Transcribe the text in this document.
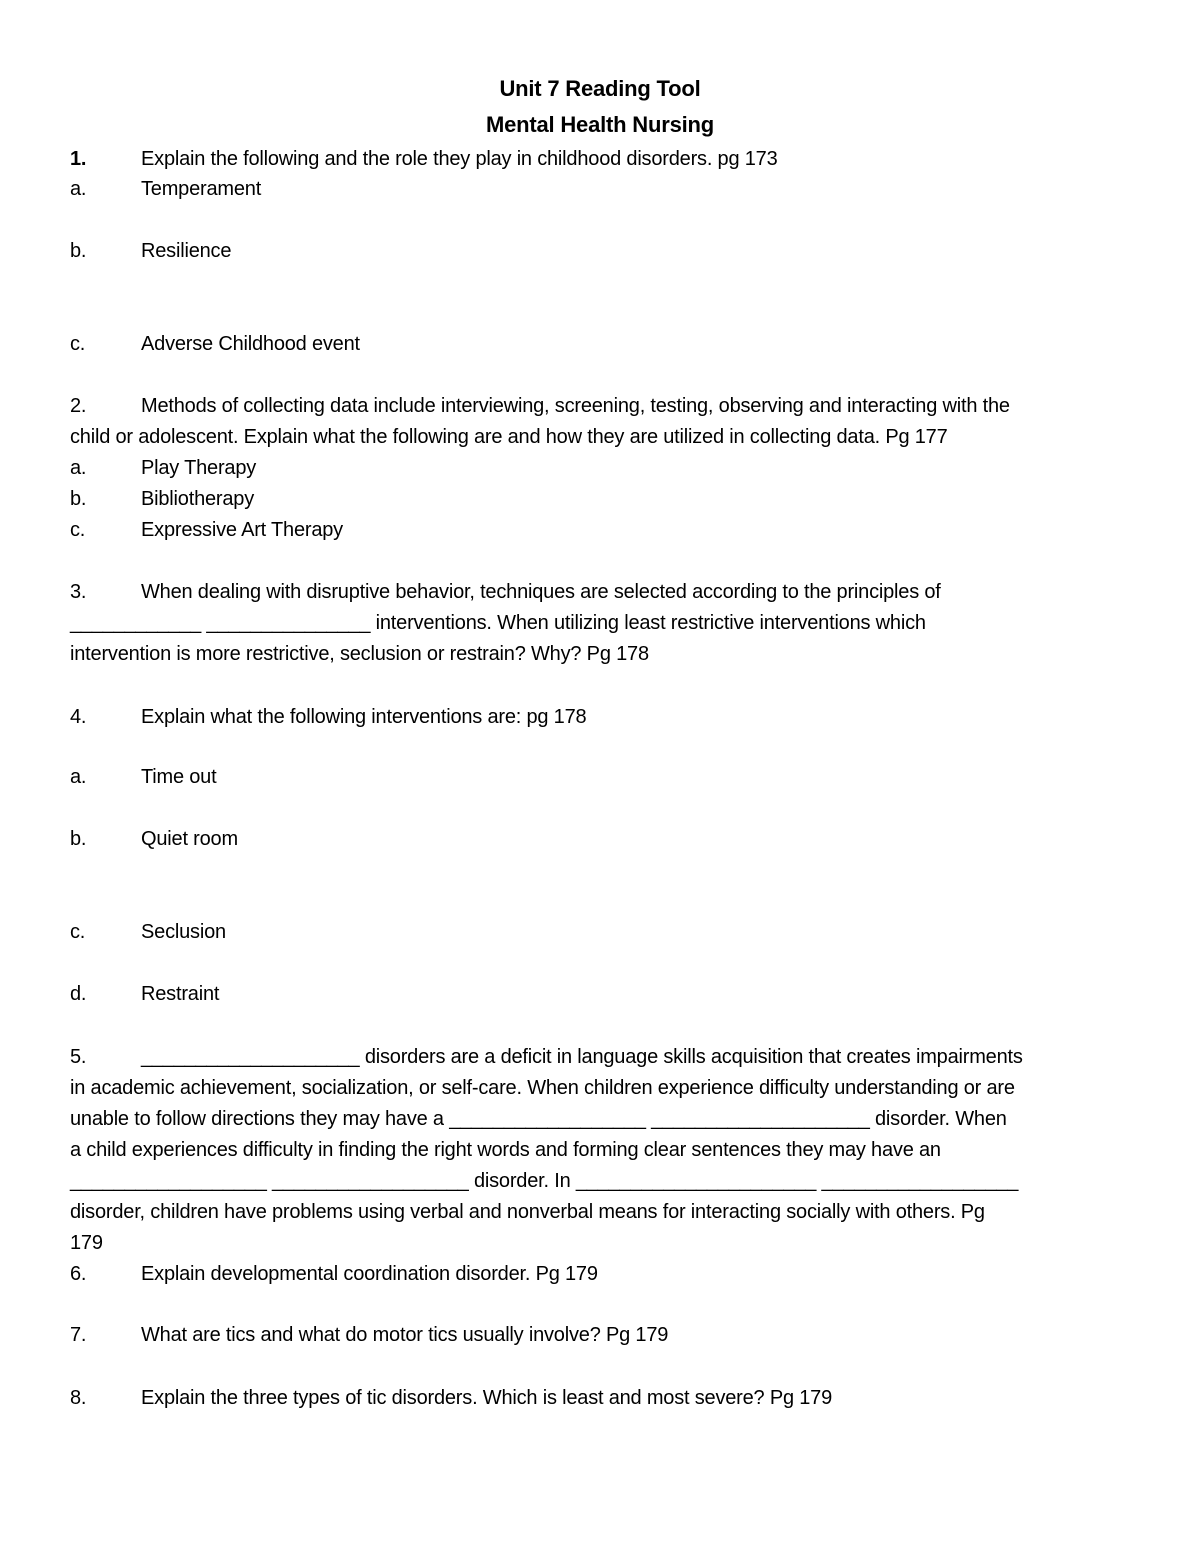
Unit 7 Reading Tool
Mental Health Nursing
1.	Explain the following and the role they play in childhood disorders. pg 173
a.	Temperament
b.	Resilience
c.	Adverse Childhood event
2.	Methods of collecting data include interviewing, screening, testing, observing and interacting with the
child or adolescent. Explain what the following are and how they are utilized in collecting data. Pg 177
a.	Play Therapy
b.	Bibliotherapy
c.	Expressive Art Therapy
3.	When dealing with disruptive behavior, techniques are selected according to the principles of
____________ _______________ interventions. When utilizing least restrictive interventions which
intervention is more restrictive, seclusion or restrain? Why? Pg 178
4.	Explain what the following interventions are: pg 178
a.	Time out
b.	Quiet room
c.	Seclusion
d.	Restraint
5.	____________________ disorders are a deficit in language skills acquisition that creates impairments
in academic achievement, socialization, or self-care. When children experience difficulty understanding or are
unable to follow directions they may have a __________________ ____________________ disorder. When
a child experiences difficulty in finding the right words and forming clear sentences they may have an
__________________ __________________ disorder. In ______________________ __________________
disorder, children have problems using verbal and nonverbal means for interacting socially with others. Pg
179
6.	Explain developmental coordination disorder. Pg 179
7.	What are tics and what do motor tics usually involve? Pg 179
8.	Explain the three types of tic disorders. Which is least and most severe? Pg 179
